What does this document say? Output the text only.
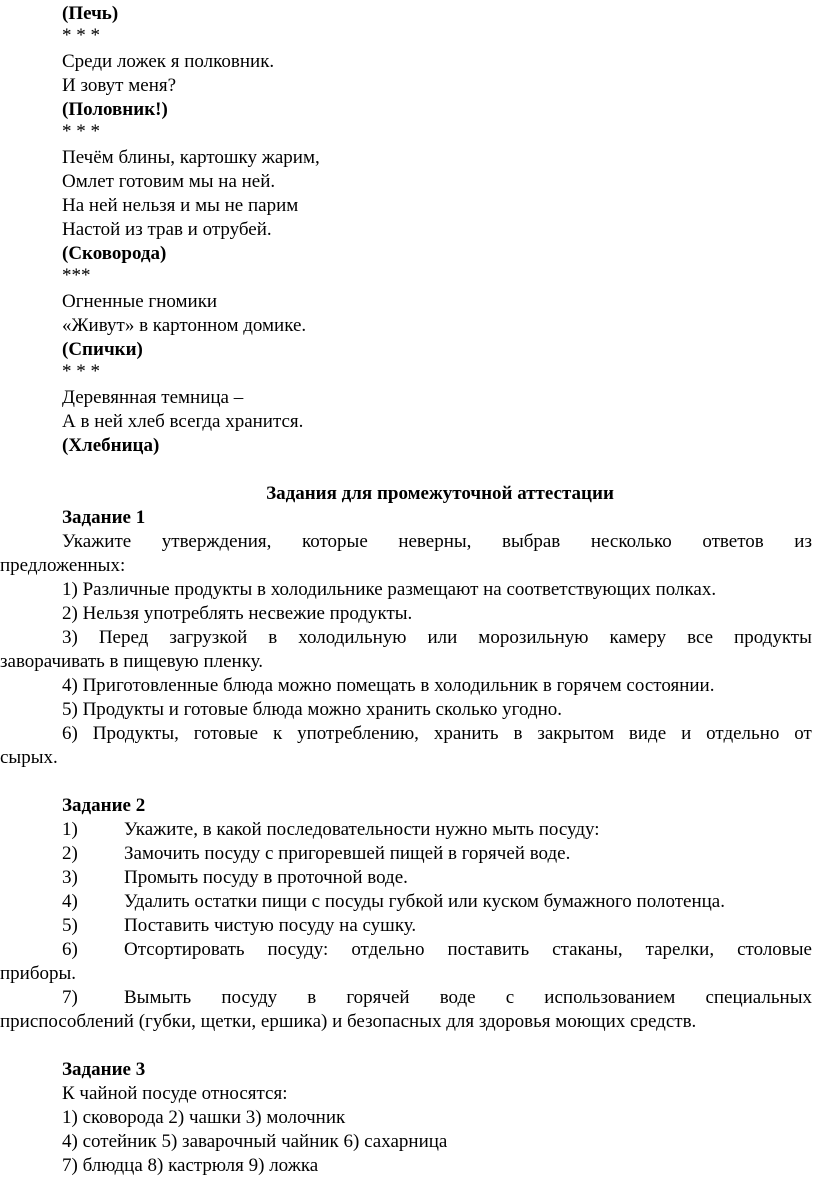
(Печь)
* * *
Среди ложек я полковник.
И зовут меня?
(Половник!)
* * *
Печём блины, картошку жарим,
Омлет готовим мы на ней.
На ней нельзя и мы не парим
Настой из трав и отрубей.
(Сковорода)
***
Огненные гномики
«Живут» в картонном домике.
(Спички)
* * *
Деревянная темница –
А в ней хлеб всегда хранится.
(Хлебница)
Задания для промежуточной аттестации
Задание 1
Укажите утверждения, которые неверны, выбрав несколько ответов из
предложенных:
1) Различные продукты в холодильнике размещают на соответствующих полках.
2) Нельзя употреблять несвежие продукты.
3) Перед загрузкой в холодильную или морозильную камеру все продукты
заворачивать в пищевую пленку.
4) Приготовленные блюда можно помещать в холодильник в горячем состоянии.
5) Продукты и готовые блюда можно хранить сколько угодно.
6) Продукты, готовые к употреблению, хранить в закрытом виде и отдельно от
сырых.
Задание 2
1) Укажите, в какой последовательности нужно мыть посуду:
2) Замочить посуду с пригоревшей пищей в горячей воде.
3) Промыть посуду в проточной воде.
4) Удалить остатки пищи с посуды губкой или куском бумажного полотенца.
5) Поставить чистую посуду на сушку.
6) Отсортировать посуду: отдельно поставить стаканы, тарелки, столовые
приборы.
7) Вымыть посуду в горячей воде с использованием специальных
приспособлений (губки, щетки, ершика) и безопасных для здоровья моющих средств.
Задание 3
К чайной посуде относятся:
1) сковорода 2) чашки 3) молочник
4) сотейник 5) заварочный чайник 6) сахарница
7) блюдца 8) кастрюля 9) ложка
